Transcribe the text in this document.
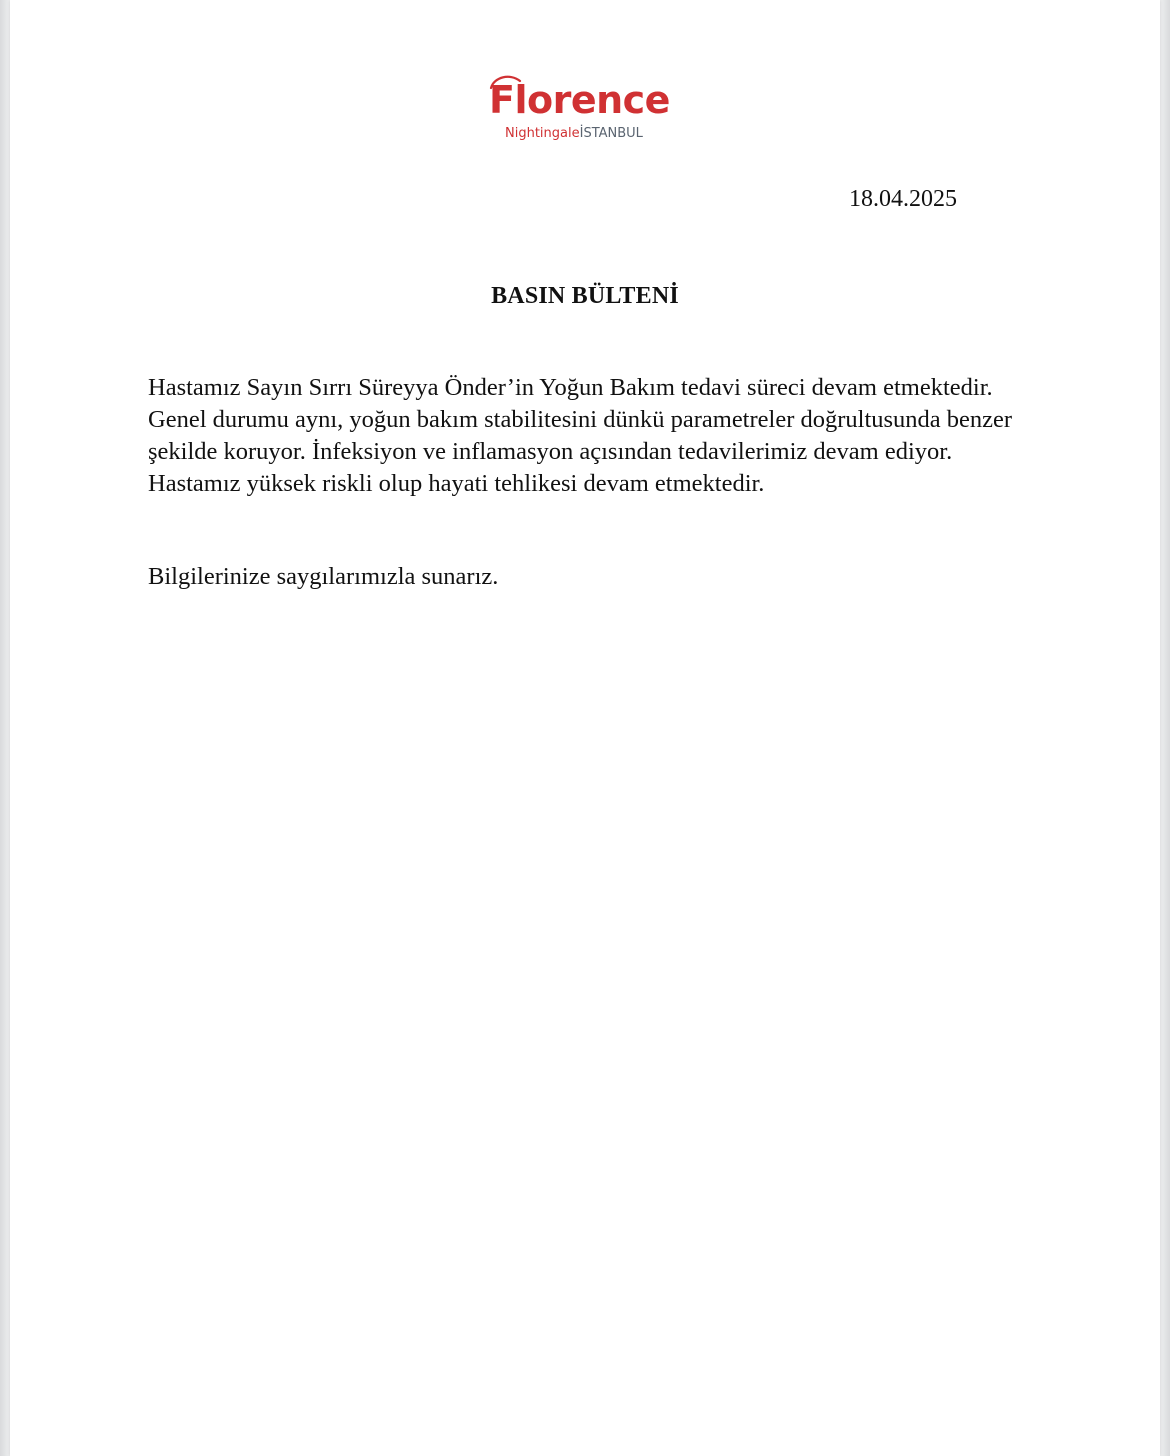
Florence
NightingaleİSTANBUL
18.04.2025
BASIN BÜLTENİ

Hastamız Sayın Sırrı Süreyya Önder’in Yoğun Bakım tedavi süreci devam etmektedir. Genel durumu aynı, yoğun bakım stabilitesini dünkü parametreler doğrultusunda benzer şekilde koruyor. İnfeksiyon ve inflamasyon açısından tedavilerimiz devam ediyor. Hastamız yüksek riskli olup hayati tehlikesi devam etmektedir.

Bilgilerinize saygılarımızla sunarız.
